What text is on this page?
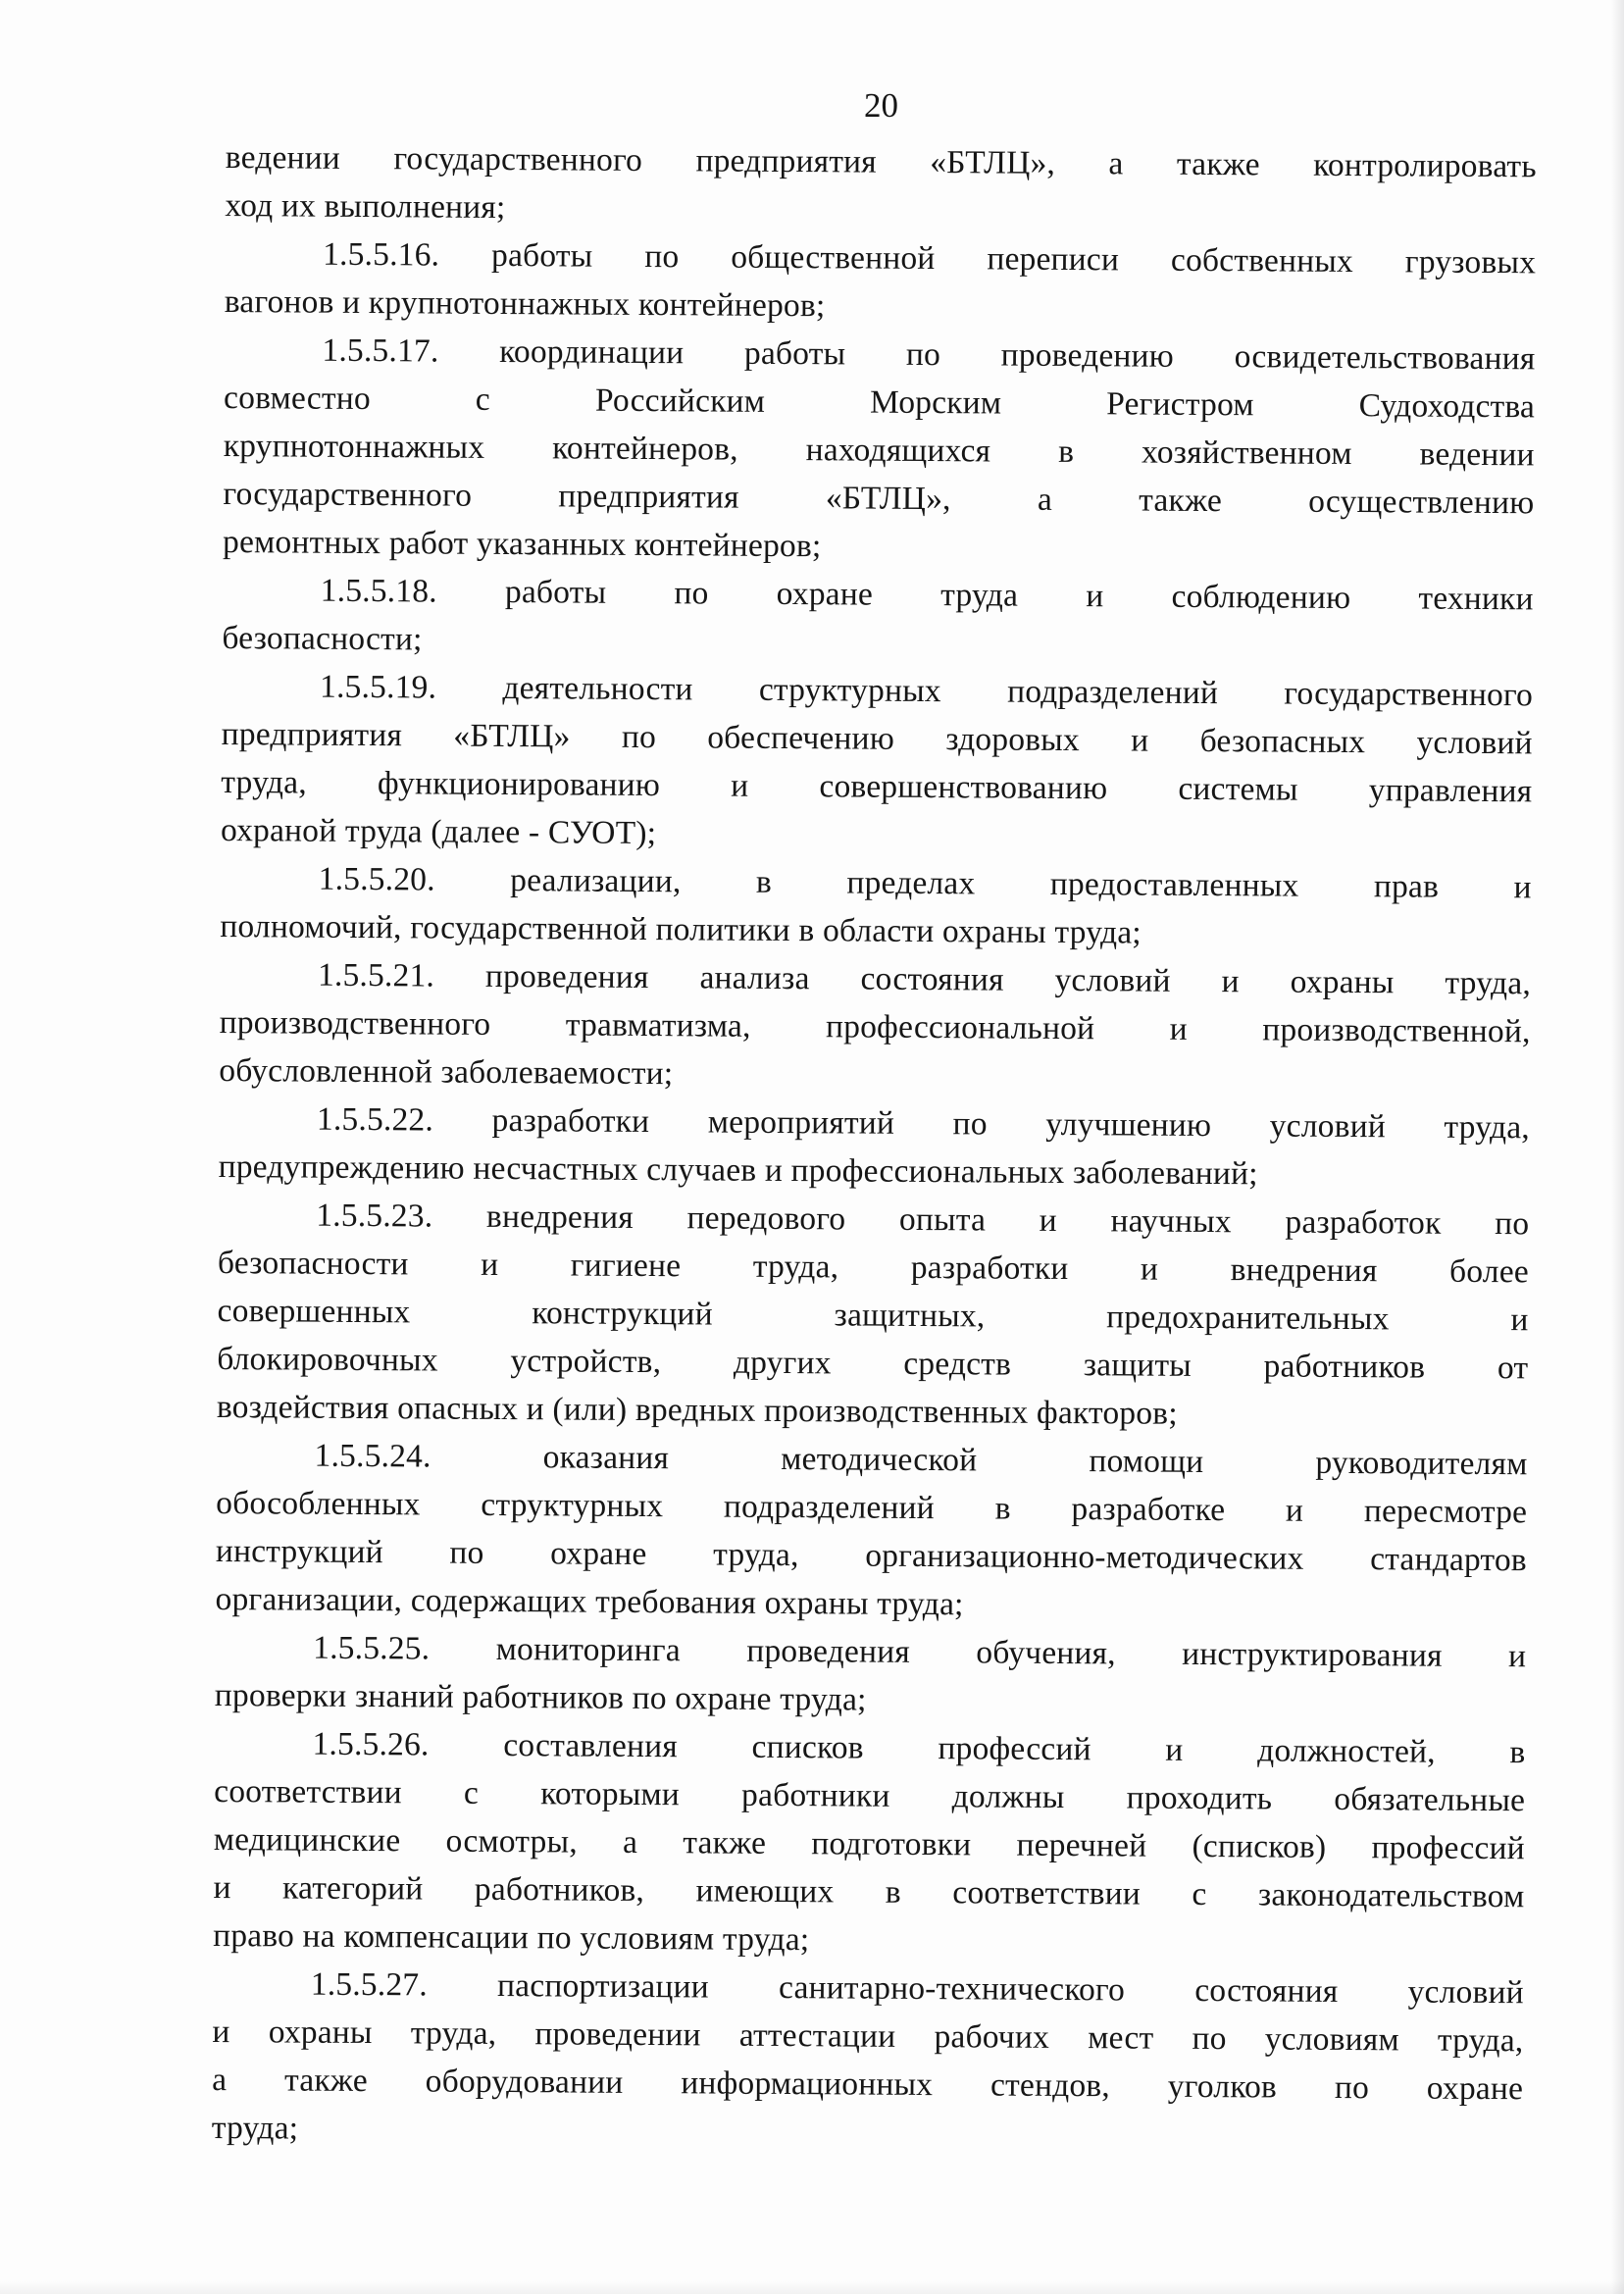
20
ведении государственного предприятия «БТЛЦ», а также контролировать
ход их выполнения;
1.5.5.16. работы по общественной переписи собственных грузовых
вагонов и крупнотоннажных контейнеров;
1.5.5.17. координации работы по проведению освидетельствования
совместно с Российским Морским Регистром Судоходства
крупнотоннажных контейнеров, находящихся в хозяйственном ведении
государственного предприятия «БТЛЦ», а также осуществлению
ремонтных работ указанных контейнеров;
1.5.5.18. работы по охране труда и соблюдению техники
безопасности;
1.5.5.19. деятельности структурных подразделений государственного
предприятия «БТЛЦ» по обеспечению здоровых и безопасных условий
труда, функционированию и совершенствованию системы управления
охраной труда (далее - СУОТ);
1.5.5.20. реализации, в пределах предоставленных прав и
полномочий, государственной политики в области охраны труда;
1.5.5.21. проведения анализа состояния условий и охраны труда,
производственного травматизма, профессиональной и производственной,
обусловленной заболеваемости;
1.5.5.22. разработки мероприятий по улучшению условий труда,
предупреждению несчастных случаев и профессиональных заболеваний;
1.5.5.23. внедрения передового опыта и научных разработок по
безопасности и гигиене труда, разработки и внедрения более
совершенных конструкций защитных, предохранительных и
блокировочных устройств, других средств защиты работников от
воздействия опасных и (или) вредных производственных факторов;
1.5.5.24. оказания методической помощи руководителям
обособленных структурных подразделений в разработке и пересмотре
инструкций по охране труда, организационно-методических стандартов
организации, содержащих требования охраны труда;
1.5.5.25. мониторинга проведения обучения, инструктирования и
проверки знаний работников по охране труда;
1.5.5.26. составления списков профессий и должностей, в
соответствии с которыми работники должны проходить обязательные
медицинские осмотры, а также подготовки перечней (списков) профессий
и категорий работников, имеющих в соответствии с законодательством
право на компенсации по условиям труда;
1.5.5.27. паспортизации санитарно-технического состояния условий
и охраны труда, проведении аттестации рабочих мест по условиям труда,
а также оборудовании информационных стендов, уголков по охране
труда;
